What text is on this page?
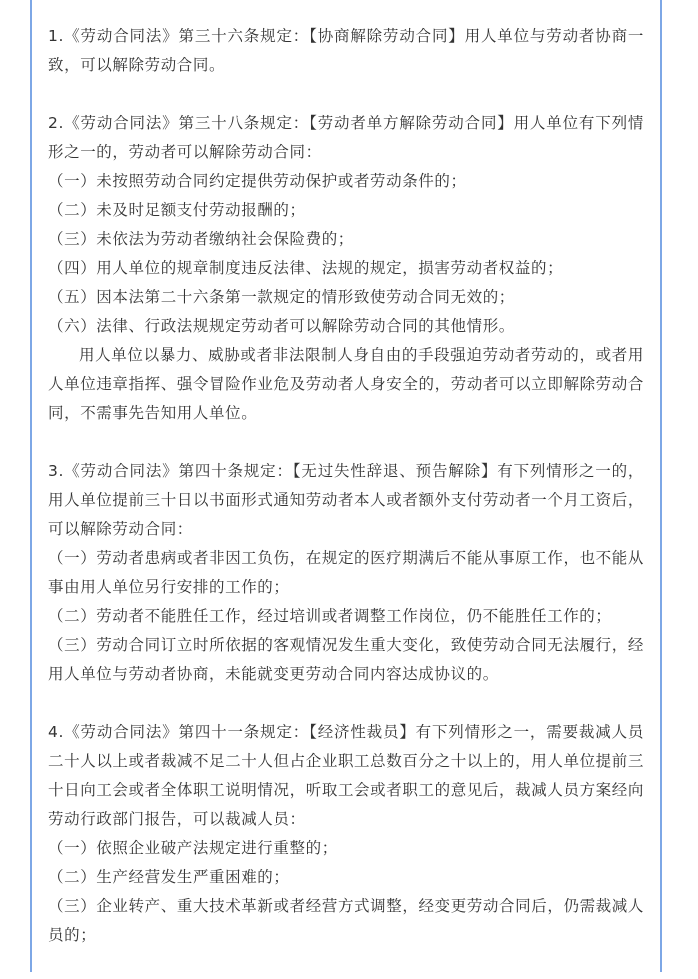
1.《劳动合同法》第三十六条规定：【协商解除劳动合同】用人单位与劳动者协商一致，可以解除劳动合同。

2.《劳动合同法》第三十八条规定：【劳动者单方解除劳动合同】用人单位有下列情形之一的，劳动者可以解除劳动合同：

（一）未按照劳动合同约定提供劳动保护或者劳动条件的；

（二）未及时足额支付劳动报酬的；

（三）未依法为劳动者缴纳社会保险费的；

（四）用人单位的规章制度违反法律、法规的规定，损害劳动者权益的；

（五）因本法第二十六条第一款规定的情形致使劳动合同无效的；

（六）法律、行政法规规定劳动者可以解除劳动合同的其他情形。

用人单位以暴力、威胁或者非法限制人身自由的手段强迫劳动者劳动的，或者用人单位违章指挥、强令冒险作业危及劳动者人身安全的，劳动者可以立即解除劳动合同，不需事先告知用人单位。

3.《劳动合同法》第四十条规定：【无过失性辞退、预告解除】有下列情形之一的，用人单位提前三十日以书面形式通知劳动者本人或者额外支付劳动者一个月工资后，可以解除劳动合同：

（一）劳动者患病或者非因工负伤，在规定的医疗期满后不能从事原工作，也不能从事由用人单位另行安排的工作的；

（二）劳动者不能胜任工作，经过培训或者调整工作岗位，仍不能胜任工作的；

（三）劳动合同订立时所依据的客观情况发生重大变化，致使劳动合同无法履行，经用人单位与劳动者协商，未能就变更劳动合同内容达成协议的。

4.《劳动合同法》第四十一条规定：【经济性裁员】有下列情形之一，需要裁减人员二十人以上或者裁减不足二十人但占企业职工总数百分之十以上的，用人单位提前三十日向工会或者全体职工说明情况，听取工会或者职工的意见后，裁减人员方案经向劳动行政部门报告，可以裁减人员：

（一）依照企业破产法规定进行重整的；

（二）生产经营发生严重困难的；

（三）企业转产、重大技术革新或者经营方式调整，经变更劳动合同后，仍需裁减人员的；
